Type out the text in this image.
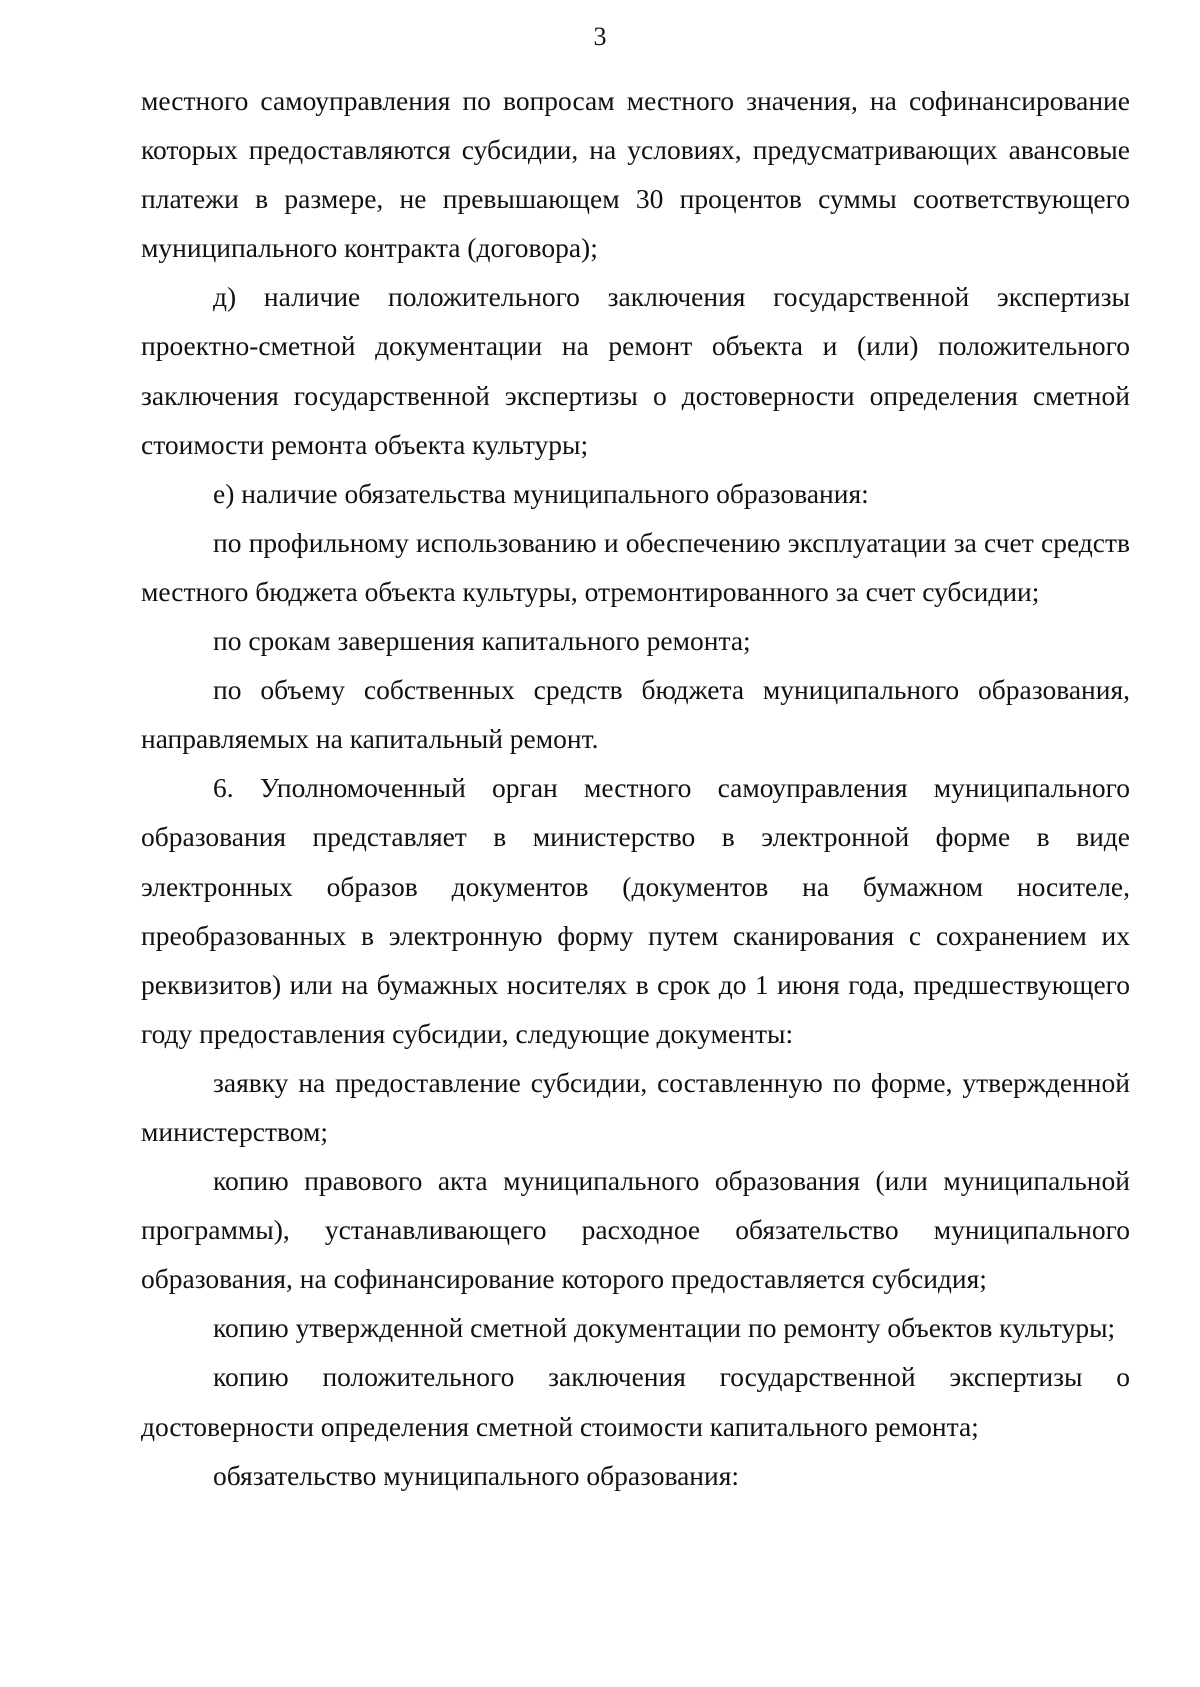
3

местного самоуправления по вопросам местного значения, на софинансирование которых предоставляются субсидии, на условиях, предусматривающих авансовые платежи в размере, не превышающем 30 процентов суммы соответствующего муниципального контракта (договора);

д) наличие положительного заключения государственной экспертизы проектно-сметной документации на ремонт объекта и (или) положительного заключения государственной экспертизы о достоверности определения сметной стоимости ремонта объекта культуры;

е) наличие обязательства муниципального образования:

по профильному использованию и обеспечению эксплуатации за счет средств местного бюджета объекта культуры, отремонтированного за счет субсидии;

по срокам завершения капитального ремонта;

по объему собственных средств бюджета муниципального образования, направляемых на капитальный ремонт.

6. Уполномоченный орган местного самоуправления муниципального образования представляет в министерство в электронной форме в виде электронных образов документов (документов на бумажном носителе, преобразованных в электронную форму путем сканирования с сохранением их реквизитов) или на бумажных носителях в срок до 1 июня года, предшествующего году предоставления субсидии, следующие документы:

заявку на предоставление субсидии, составленную по форме, утвержденной министерством;

копию правового акта муниципального образования (или муниципальной программы), устанавливающего расходное обязательство муниципального образования, на софинансирование которого предоставляется субсидия;

копию утвержденной сметной документации по ремонту объектов культуры;

копию положительного заключения государственной экспертизы о достоверности определения сметной стоимости капитального ремонта;

обязательство муниципального образования:
